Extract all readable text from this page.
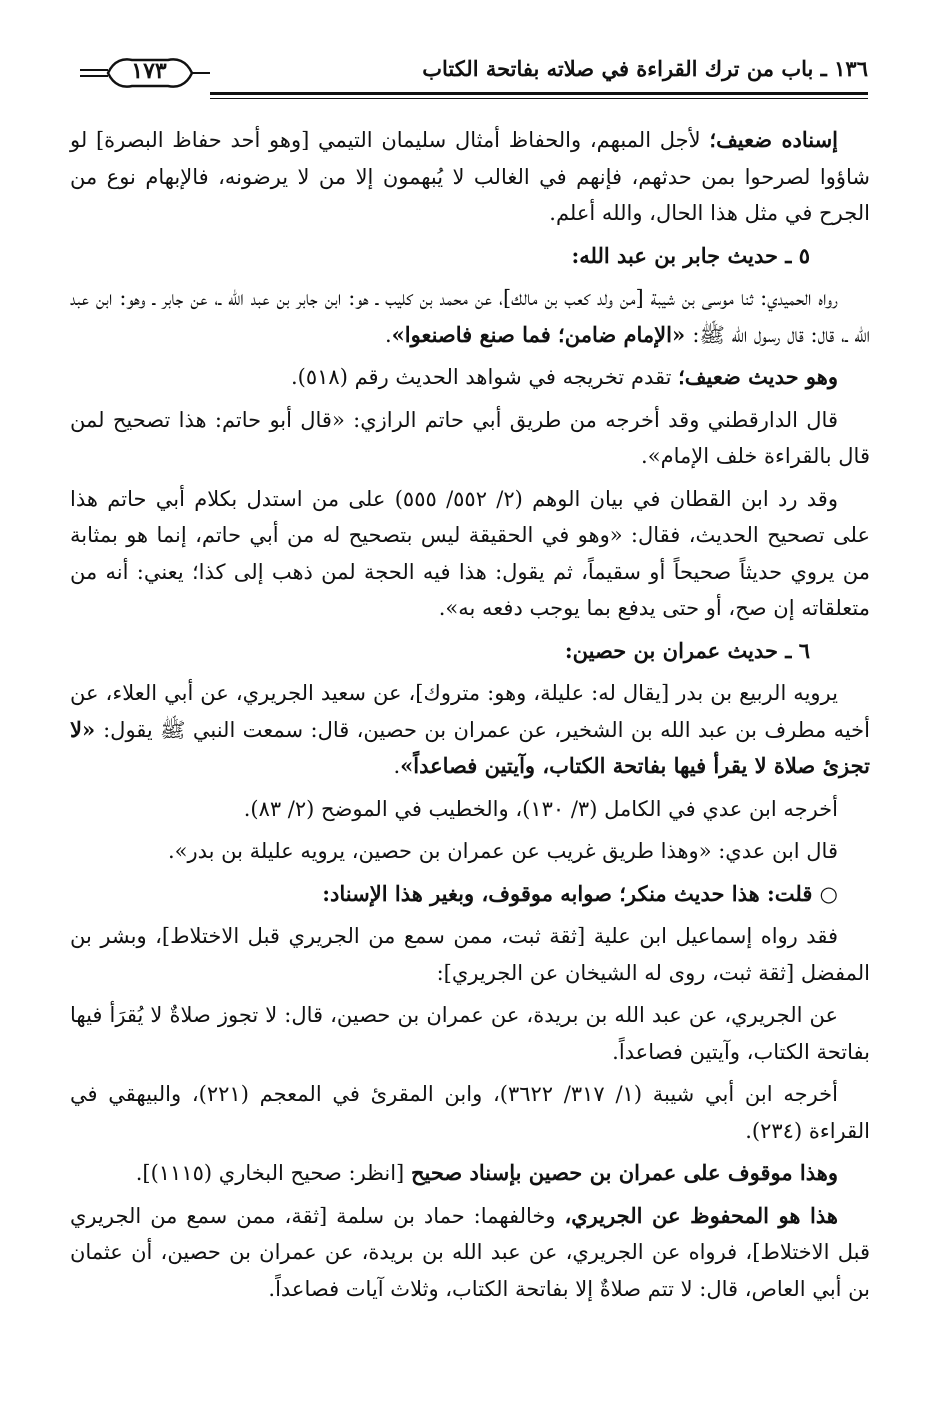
١٣٦ ـ باب من ترك القراءة في صلاته بفاتحة الكتاب
١٧٣

إسناده ضعيف؛ لأجل المبهم، والحفاظ أمثال سليمان التيمي [وهو أحد حفاظ البصرة] لو شاؤوا لصرحوا بمن حدثهم، فإنهم في الغالب لا يُبهمون إلا من لا يرضونه، فالإبهام نوع من الجرح في مثل هذا الحال، والله أعلم.

٥ ـ حديث جابر بن عبد الله:

رواه الحميدي: ثنا موسى بن شيبة [من ولد كعب بن مالك]، عن محمد بن كليب ـ هو: ابن جابر بن عبد الله ـ، عن جابر ـ وهو: ابن عبد الله ـ، قال: قال رسول الله ﷺ: «الإمام ضامن؛ فما صنع فاصنعوا».

وهو حديث ضعيف؛ تقدم تخريجه في شواهد الحديث رقم (٥١٨).

قال الدارقطني وقد أخرجه من طريق أبي حاتم الرازي: «قال أبو حاتم: هذا تصحيح لمن قال بالقراءة خلف الإمام».

وقد رد ابن القطان في بيان الوهم (٢/ ٥٥٢/ ٥٥٥) على من استدل بكلام أبي حاتم هذا على تصحيح الحديث، فقال: «وهو في الحقيقة ليس بتصحيح له من أبي حاتم، إنما هو بمثابة من يروي حديثاً صحيحاً أو سقيماً، ثم يقول: هذا فيه الحجة لمن ذهب إلى كذا؛ يعني: أنه من متعلقاته إن صح، أو حتى يدفع بما يوجب دفعه به».

٦ ـ حديث عمران بن حصين:

يرويه الربيع بن بدر [يقال له: عليلة، وهو: متروك]، عن سعيد الجريري، عن أبي العلاء، عن أخيه مطرف بن عبد الله بن الشخير، عن عمران بن حصين، قال: سمعت النبي ﷺ يقول: «لا تجزئ صلاة لا يقرأ فيها بفاتحة الكتاب، وآيتين فصاعداً».

أخرجه ابن عدي في الكامل (٣/ ١٣٠)، والخطيب في الموضح (٢/ ٨٣).

قال ابن عدي: «وهذا طريق غريب عن عمران بن حصين، يرويه عليلة بن بدر».

○ قلت: هذا حديث منكر؛ صوابه موقوف، وبغير هذا الإسناد:

فقد رواه إسماعيل ابن علية [ثقة ثبت، ممن سمع من الجريري قبل الاختلاط]، وبشر بن المفضل [ثقة ثبت، روى له الشيخان عن الجريري]:

عن الجريري، عن عبد الله بن بريدة، عن عمران بن حصين، قال: لا تجوز صلاةٌ لا يُقرَأ فيها بفاتحة الكتاب، وآيتين فصاعداً.

أخرجه ابن أبي شيبة (١/ ٣١٧/ ٣٦٢٢)، وابن المقرئ في المعجم (٢٢١)، والبيهقي في القراءة (٢٣٤).

وهذا موقوف على عمران بن حصين بإسناد صحيح [انظر: صحيح البخاري (١١١٥)].

هذا هو المحفوظ عن الجريري، وخالفهما: حماد بن سلمة [ثقة، ممن سمع من الجريري قبل الاختلاط]، فرواه عن الجريري، عن عبد الله بن بريدة، عن عمران بن حصين، أن عثمان بن أبي العاص، قال: لا تتم صلاةٌ إلا بفاتحة الكتاب، وثلاث آيات فصاعداً.
